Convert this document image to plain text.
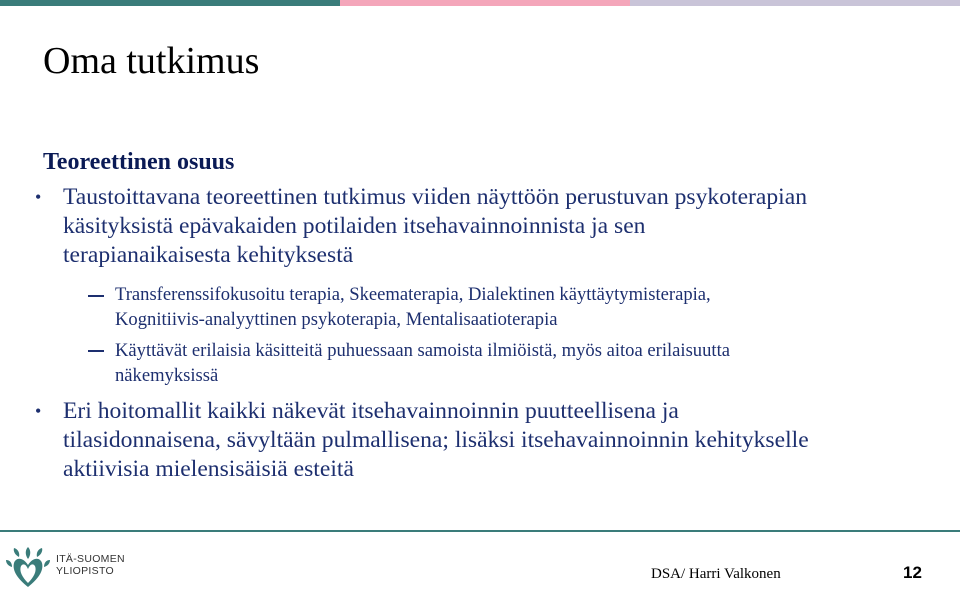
Oma tutkimus
Teoreettinen osuus
• Taustoittavana teoreettinen tutkimus viiden näyttöön perustuvan psykoterapian
käsityksistä epävakaiden potilaiden itsehavainnoinnista ja sen
terapianaikaisesta kehityksestä
Transferenssifokusoitu terapia, Skeematerapia, Dialektinen käyttäytymisterapia,
Kognitiivis-analyyttinen psykoterapia, Mentalisaatioterapia
Käyttävät erilaisia käsitteitä puhuessaan samoista ilmiöistä, myös aitoa erilaisuutta
näkemyksissä
• Eri hoitomallit kaikki näkevät itsehavainnoinnin puutteellisena ja
tilasidonnaisena, sävyltään pulmallisena; lisäksi itsehavainnoinnin kehitykselle
aktiivisia mielensisäisiä esteitä
ITÄ-SUOMEN
YLIOPISTO	DSA/ Harri Valkonen	12
